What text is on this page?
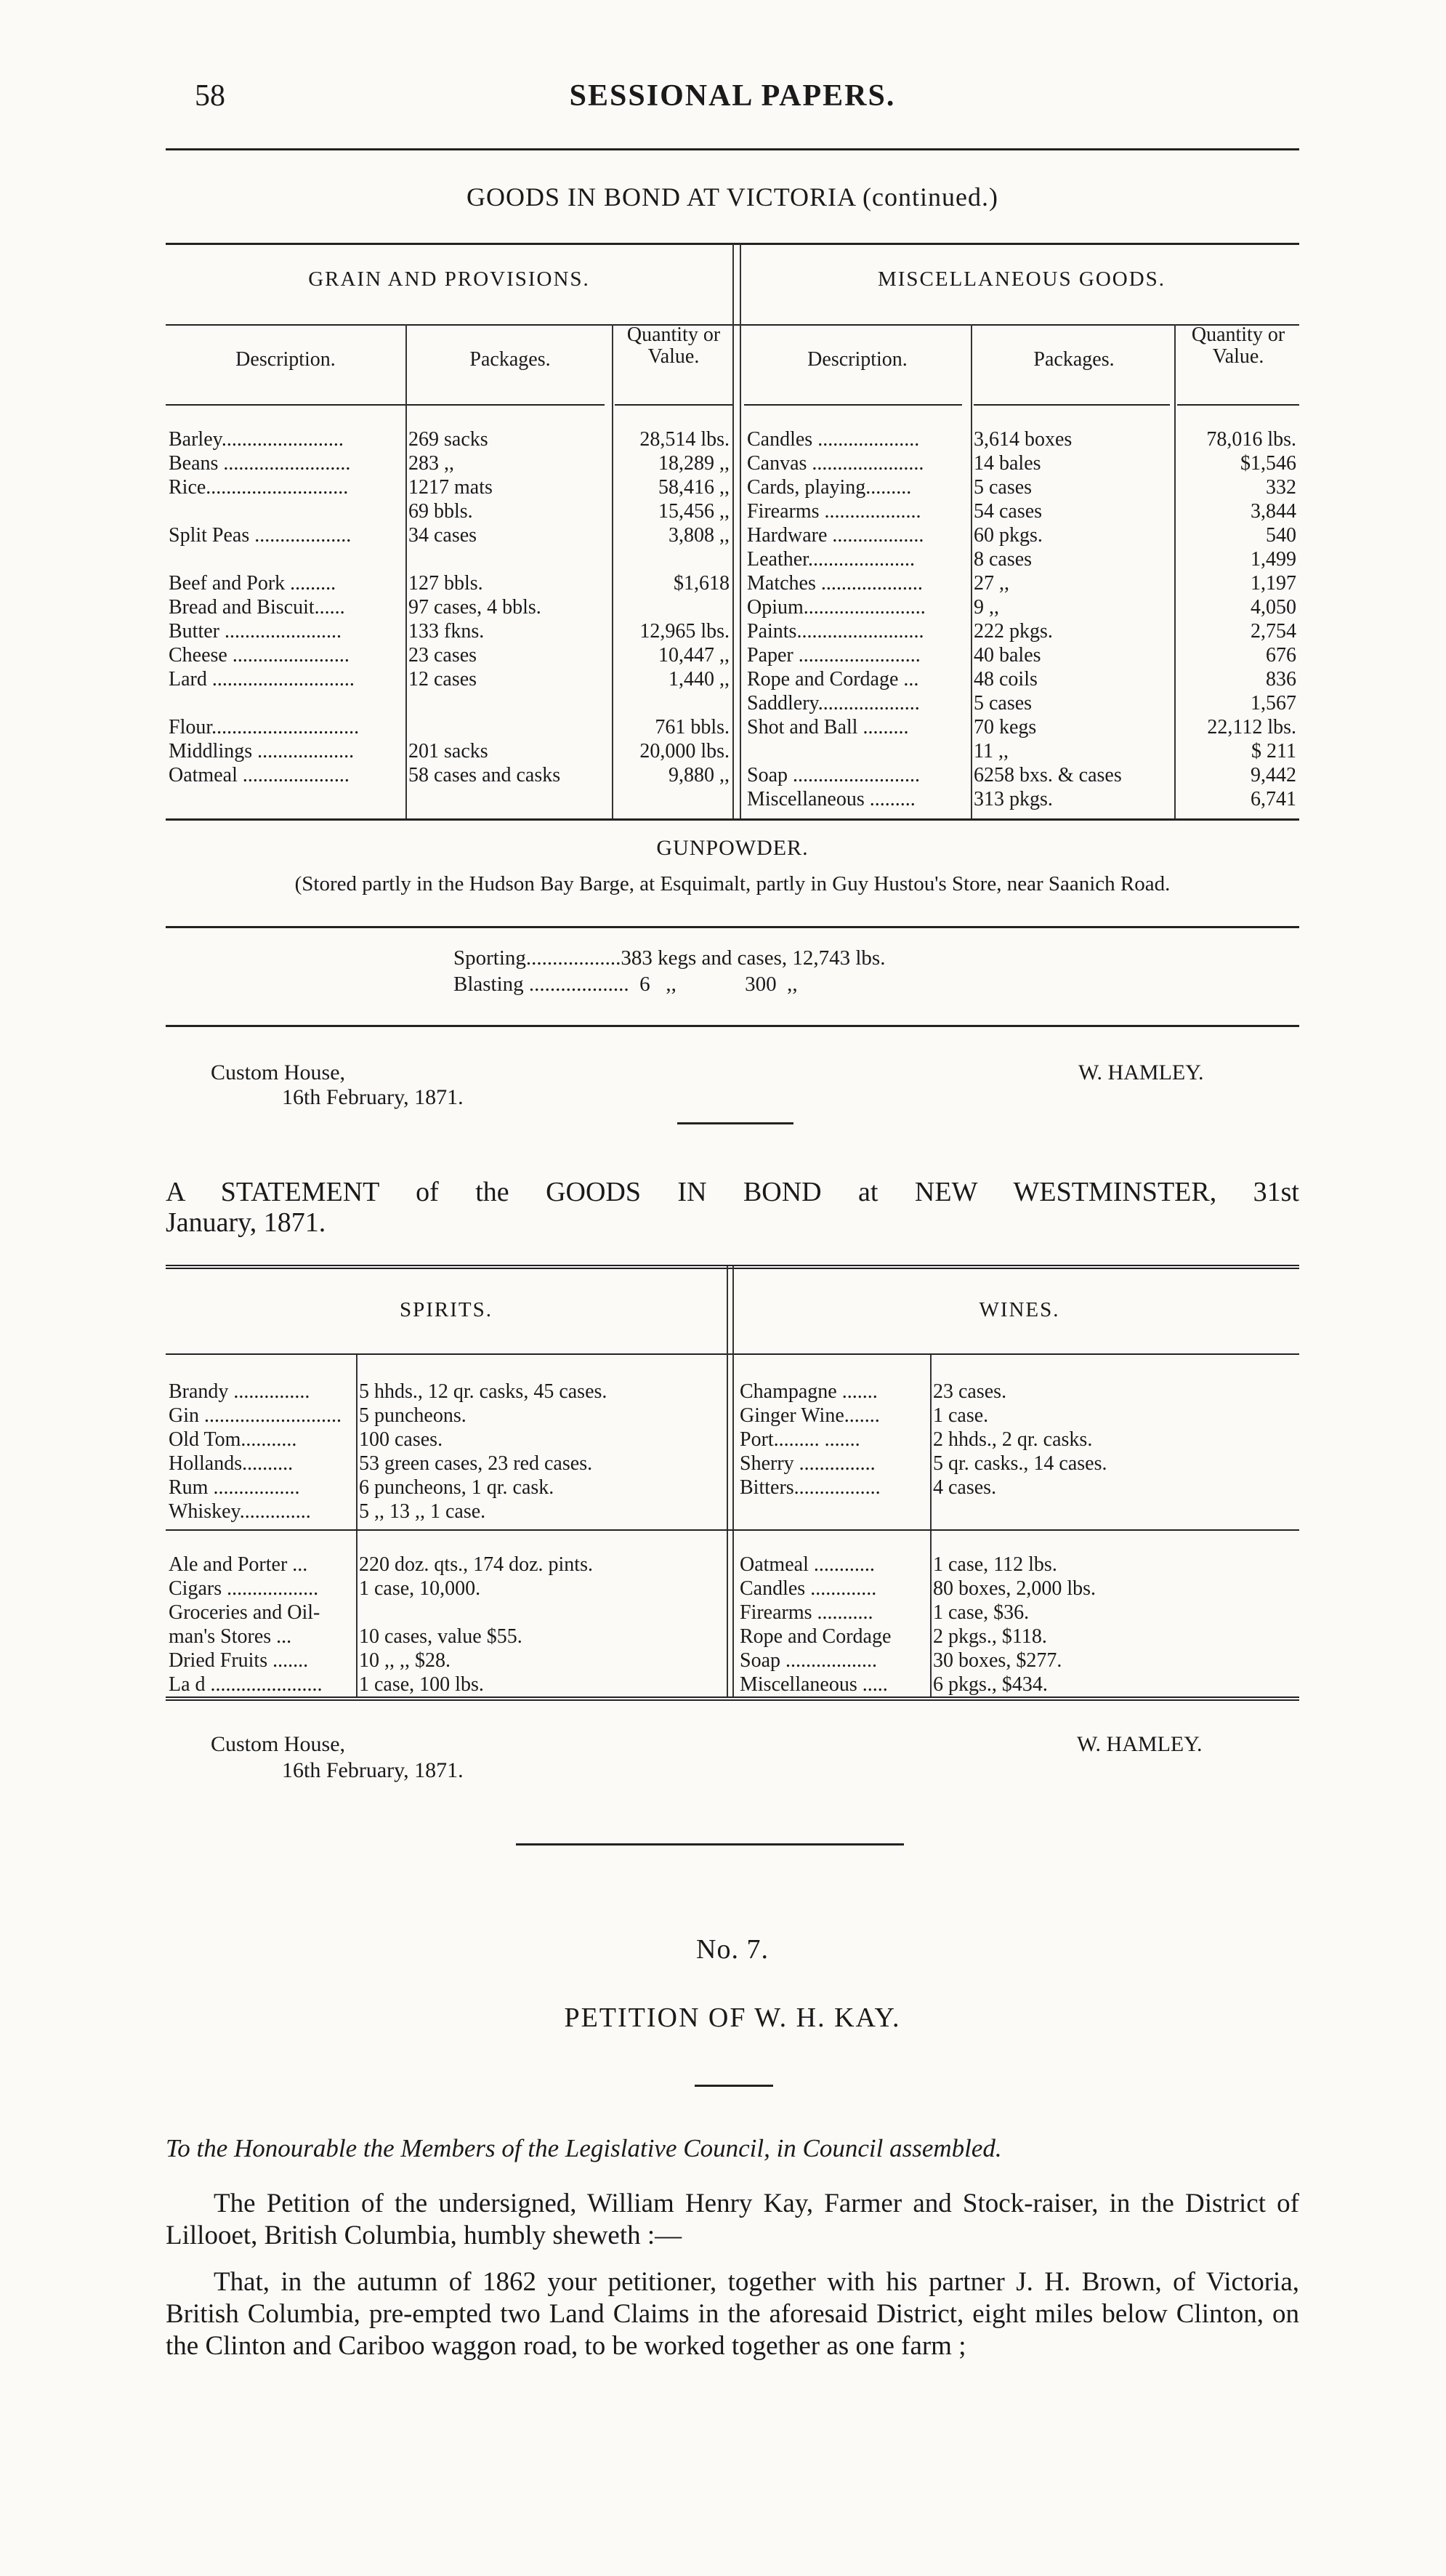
58	SESSIONAL PAPERS.
GOODS IN BOND AT VICTORIA (continued.)
GRAIN AND PROVISIONS.	MISCELLANEOUS GOODS.
Description.	Packages.
Quantity or Value.	Description.	Packages.
Quantity or Value.
Barley........................	269 sacks	28,514 lbs.
Beans .........................	283 ,,	18,289 ,,
Rice............................	1217 mats	58,416 ,,
	69 bbls.	15,456 ,,
Split Peas ...................	34 cases	3,808 ,,

Beef and Pork .........	127 bbls.	$1,618
Bread and Biscuit......	97 cases, 4 bbls.	
Butter .......................	133 fkns.	12,965 lbs.
Cheese .......................	23 cases	10,447 ,,
Lard ............................	12 cases	1,440 ,,

Flour.............................		761 bbls.
Middlings ...................	201 sacks	20,000 lbs.
Oatmeal .....................	58 cases and casks	9,880 ,,
Candles ....................	3,614 boxes	78,016 lbs.
Canvas ......................	14 bales	$1,546
Cards, playing.........	5 cases	332
Firearms ...................	54 cases	3,844
Hardware ..................	60 pkgs.	540
Leather.....................	8 cases	1,499
Matches ....................	27 ,,	1,197
Opium........................	9 ,,	4,050
Paints.........................	222 pkgs.	2,754
Paper ........................	40 bales	676
Rope and Cordage ...	48 coils	836
Saddlery....................	5 cases	1,567
Shot and Ball .........	70 kegs	22,112 lbs.
	11 ,,	$ 211
Soap .........................	6258 bxs. & cases	9,442
Miscellaneous .........	313 pkgs.	6,741
GUNPOWDER.
(Stored partly in the Hudson Bay Barge, at Esquimalt, partly in Guy Hustou's Store, near Saanich Road.
Sporting..................383 kegs and cases, 12,743 lbs.
Blasting ...................  6   ,,             300  ,,
Custom House,
16th February, 1871.
W. HAMLEY.
A STATEMENT of the GOODS IN BOND at NEW WESTMINSTER, 31st
January, 1871.
SPIRITS.	WINES.
Brandy ...............	5 hhds., 12 qr. casks, 45 cases.
Gin ...........................	5 puncheons.
Old Tom...........	100 cases.
Hollands..........	53 green cases, 23 red cases.
Rum .................	6 puncheons, 1 qr. cask.
Whiskey..............	5 ,, 13 ,, 1 case.
Champagne .......	23 cases.
Ginger Wine.......	1 case.
Port......... .......	2 hhds., 2 qr. casks.
Sherry ...............	5 qr. casks., 14 cases.
Bitters.................	4 cases.

Ale and Porter ...	220 doz. qts., 174 doz. pints.
Cigars ..................	1 case, 10,000.
Groceries and Oil-	
man's Stores ...	10 cases, value $55.
Dried Fruits .......	10 ,, ,, $28.
La d ......................	1 case, 100 lbs.
Oatmeal ............	1 case, 112 lbs.
Candles .............	80 boxes, 2,000 lbs.
Firearms ...........	1 case, $36.
Rope and Cordage	2 pkgs., $118.
Soap ..................	30 boxes, $277.
Miscellaneous .....	6 pkgs., $434.
Custom House,
16th February, 1871.
W. HAMLEY.
No. 7.
PETITION OF W. H. KAY.
To the Honourable the Members of the Legislative Council, in Council assembled.
The Petition of the undersigned, William Henry Kay, Farmer and Stock-raiser, in the District of Lillooet, British Columbia, humbly sheweth :—
That, in the autumn of 1862 your petitioner, together with his partner J. H. Brown, of Victoria, British Columbia, pre-empted two Land Claims in the aforesaid District, eight miles below Clinton, on the Clinton and Cariboo waggon road, to be worked together as one farm ;
